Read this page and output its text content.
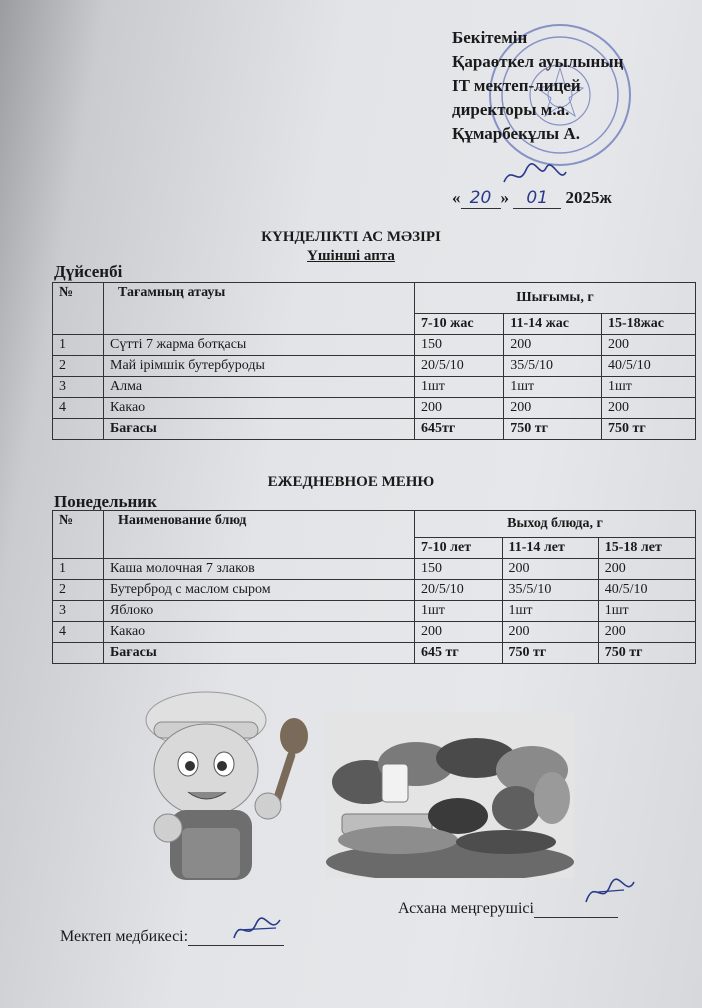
Бекітемін
Қараөткел ауылының
IT мектеп-лицей
директоры м.а.
Құмарбекұлы А.
« 20 » 01 2025ж
КҮНДЕЛІКТІ АС МӘЗІРІ
Үшінші апта
Дүйсенбі
№	Тағамның атауы	Шығымы, г		
		7-10 жас	11-14 жас	15-18жас
1	Сүтті 7 жарма ботқасы	150	200	200
2	Май ірімшік бутербуроды	20/5/10	35/5/10	40/5/10
3	Алма	1шт	1шт	1шт
4	Какао	200	200	200
	Бағасы	645тг	750 тг	750 тг
ЕЖЕДНЕВНОЕ МЕНЮ
Понедельник
№	Наименование блюд	Выход блюда, г		
		7-10 лет	11-14 лет	15-18 лет
1	Каша молочная 7 злаков	150	200	200
2	Бутерброд с маслом сыром	20/5/10	35/5/10	40/5/10
3	Яблоко	1шт	1шт	1шт
4	Какао	200	200	200
	Бағасы	645 тг	750 тг	750 тг
Асхана меңгерушісі
Мектеп медбикесі:
